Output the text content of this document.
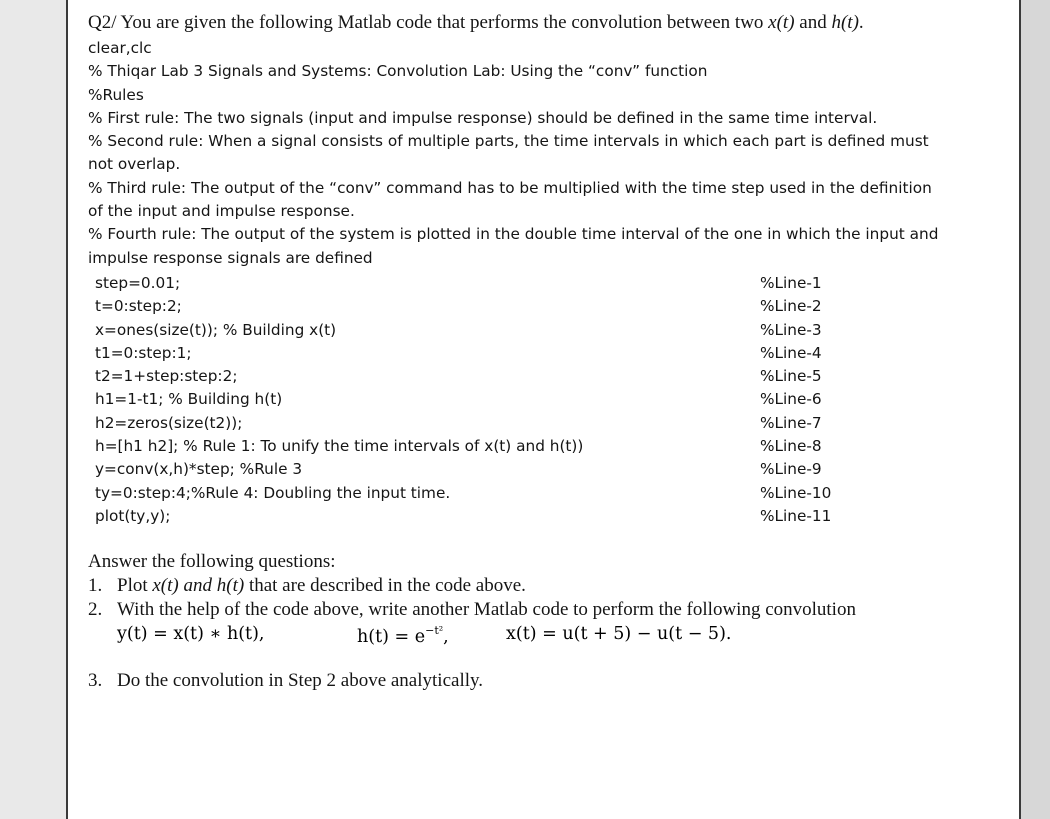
Q2/ You are given the following Matlab code that performs the convolution between two x(t) and h(t).
clear,clc
% Thiqar Lab 3 Signals and Systems: Convolution Lab: Using the “conv” function
%Rules
% First rule: The two signals (input and impulse response) should be defined in the same time interval.
% Second rule: When a signal consists of multiple parts, the time intervals in which each part is defined must
not overlap.
% Third rule: The output of the “conv” command has to be multiplied with the time step used in the definition
of the input and impulse response.
% Fourth rule: The output of the system is plotted in the double time interval of the one in which the input and
impulse response signals are defined
step=0.01;	%Line-1
t=0:step:2;	%Line-2
x=ones(size(t)); % Building x(t)	%Line-3
t1=0:step:1;	%Line-4
t2=1+step:step:2;	%Line-5
h1=1-t1; % Building h(t)	%Line-6
h2=zeros(size(t2));	%Line-7
h=[h1 h2]; % Rule 1: To unify the time intervals of x(t) and h(t))	%Line-8
y=conv(x,h)*step; %Rule 3	%Line-9
ty=0:step:4;%Rule 4: Doubling the input time.	%Line-10
plot(ty,y);	%Line-11
Answer the following questions:
1. Plot x(t) and h(t) that are described in the code above.
2. With the help of the code above, write another Matlab code to perform the following convolution
y(t) = x(t) ∗ h(t),	$h(t) = e^{-t^2}$,	x(t) = u(t + 5) − u(t − 5).
3. Do the convolution in Step 2 above analytically.
